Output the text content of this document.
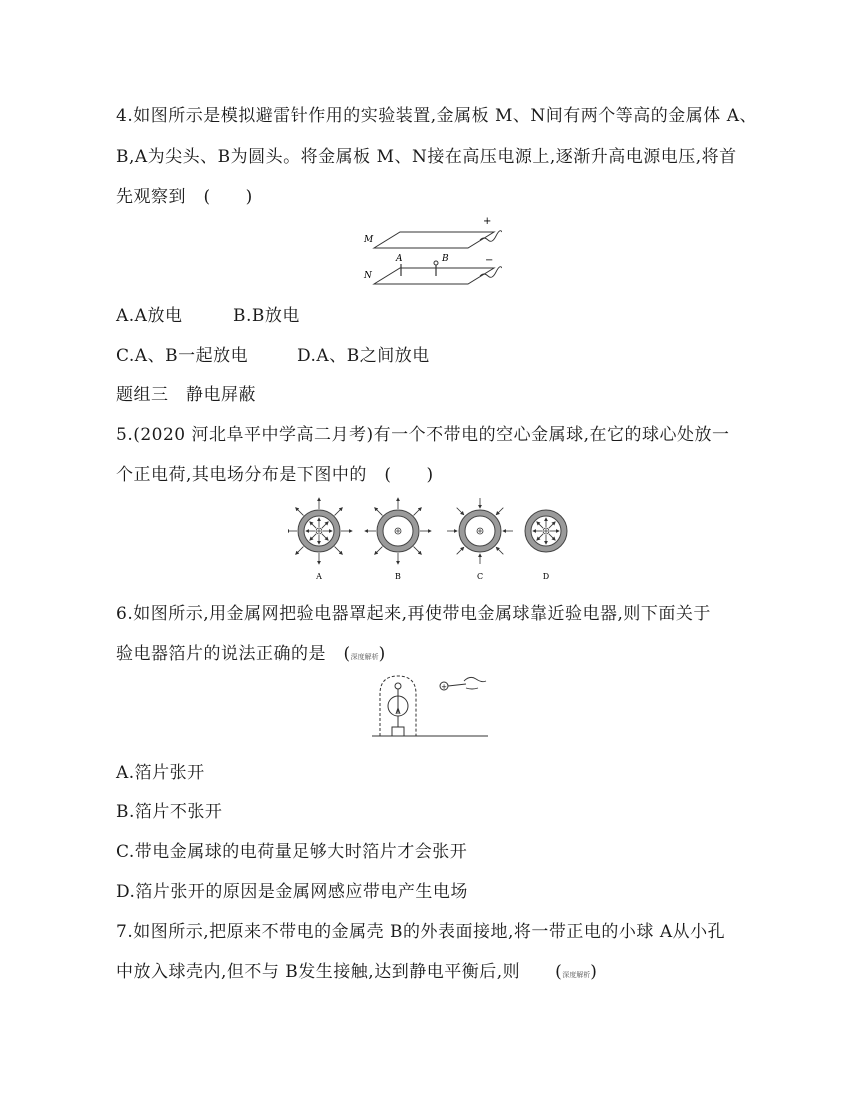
4.如图所示是模拟避雷针作用的实验装置,金属板 M、N间有两个等高的金属体 A、
B,A为尖头、B为圆头。将金属板 M、N接在高压电源上,逐渐升高电源电压,将首
先观察到　(　　)
M
N
A	B
+
−
A.A放电	B.B放电
C.A、B一起放电	D.A、B之间放电
题组三　静电屏蔽
5.(2020 河北阜平中学高二月考)有一个不带电的空心金属球,在它的球心处放一
个正电荷,其电场分布是下图中的　(　　)
A	B	C	D
6.如图所示,用金属网把验电器罩起来,再使带电金属球靠近验电器,则下面关于
验电器箔片的说法正确的是　(深度解析)
+
A.箔片张开
B.箔片不张开
C.带电金属球的电荷量足够大时箔片才会张开
D.箔片张开的原因是金属网感应带电产生电场
7.如图所示,把原来不带电的金属壳 B的外表面接地,将一带正电的小球 A从小孔
中放入球壳内,但不与 B发生接触,达到静电平衡后,则　　(深度解析)
